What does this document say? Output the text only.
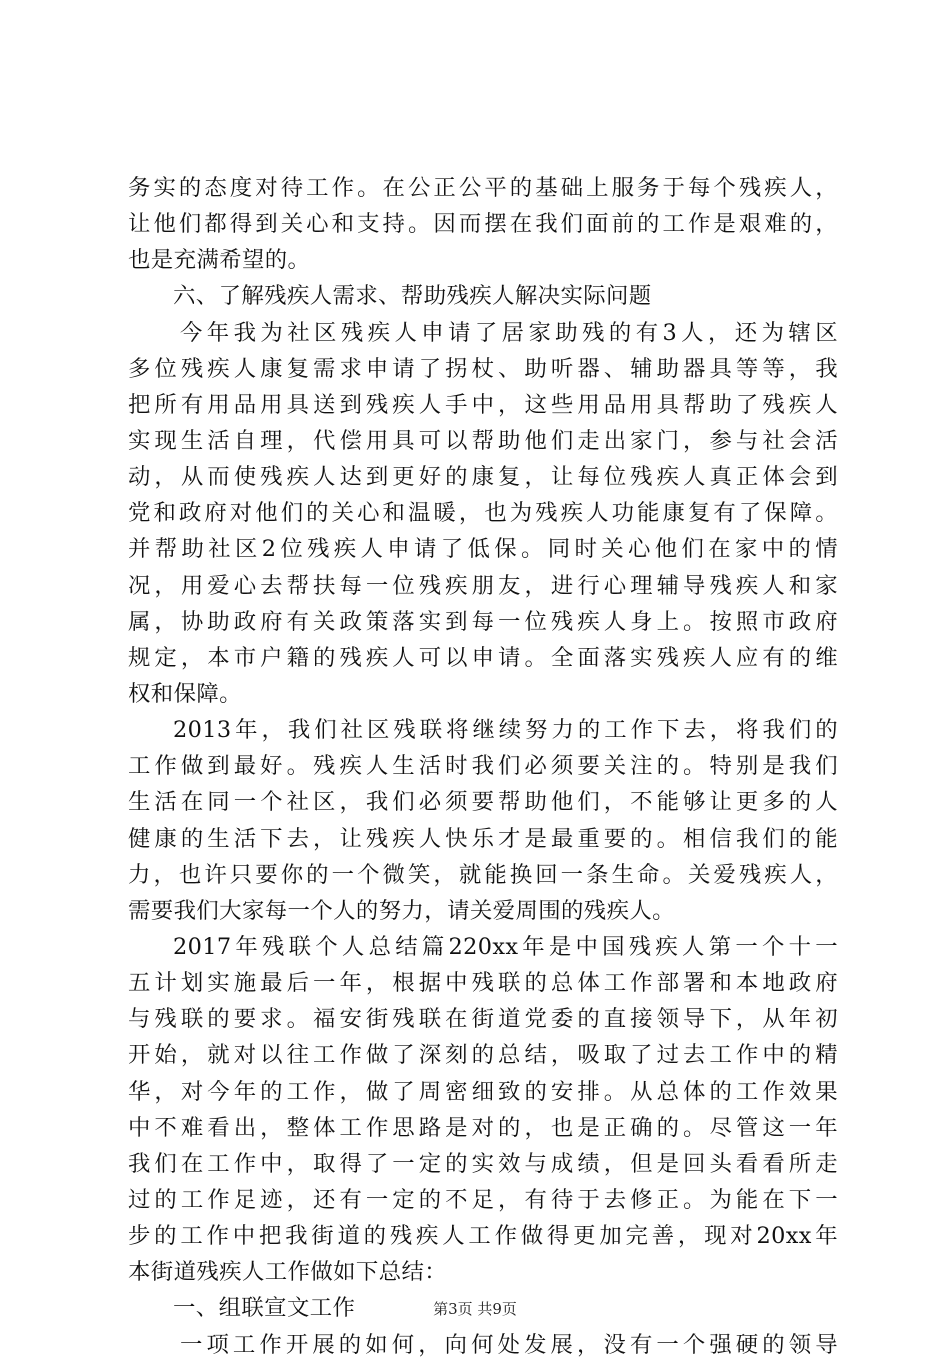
务实的态度对待工作。在公正公平的基础上服务于每个残疾人，
让他们都得到关心和支持。因而摆在我们面前的工作是艰难的，
也是充满希望的。
六、了解残疾人需求、帮助残疾人解决实际问题
今年我为社区残疾人申请了居家助残的有3人，还为辖区
多位残疾人康复需求申请了拐杖、助听器、辅助器具等等，我
把所有用品用具送到残疾人手中，这些用品用具帮助了残疾人
实现生活自理，代偿用具可以帮助他们走出家门，参与社会活
动，从而使残疾人达到更好的康复，让每位残疾人真正体会到
党和政府对他们的关心和温暖，也为残疾人功能康复有了保障。
并帮助社区2位残疾人申请了低保。同时关心他们在家中的情
况，用爱心去帮扶每一位残疾朋友，进行心理辅导残疾人和家
属，协助政府有关政策落实到每一位残疾人身上。按照市政府
规定，本市户籍的残疾人可以申请。全面落实残疾人应有的维
权和保障。
2013年，我们社区残联将继续努力的工作下去，将我们的
工作做到最好。残疾人生活时我们必须要关注的。特别是我们
生活在同一个社区，我们必须要帮助他们，不能够让更多的人
健康的生活下去，让残疾人快乐才是最重要的。相信我们的能
力，也许只要你的一个微笑，就能换回一条生命。关爱残疾人，
需要我们大家每一个人的努力，请关爱周围的残疾人。
2017年残联个人总结篇220xx年是中国残疾人第一个十一
五计划实施最后一年，根据中残联的总体工作部署和本地政府
与残联的要求。福安街残联在街道党委的直接领导下，从年初
开始，就对以往工作做了深刻的总结，吸取了过去工作中的精
华，对今年的工作，做了周密细致的安排。从总体的工作效果
中不难看出，整体工作思路是对的，也是正确的。尽管这一年
我们在工作中，取得了一定的实效与成绩，但是回头看看所走
过的工作足迹，还有一定的不足，有待于去修正。为能在下一
步的工作中把我街道的残疾人工作做得更加完善，现对20xx年
本街道残疾人工作做如下总结：
一、组联宣文工作
一项工作开展的如何，向何处发展，没有一个强硬的领导
第3页 共9页
